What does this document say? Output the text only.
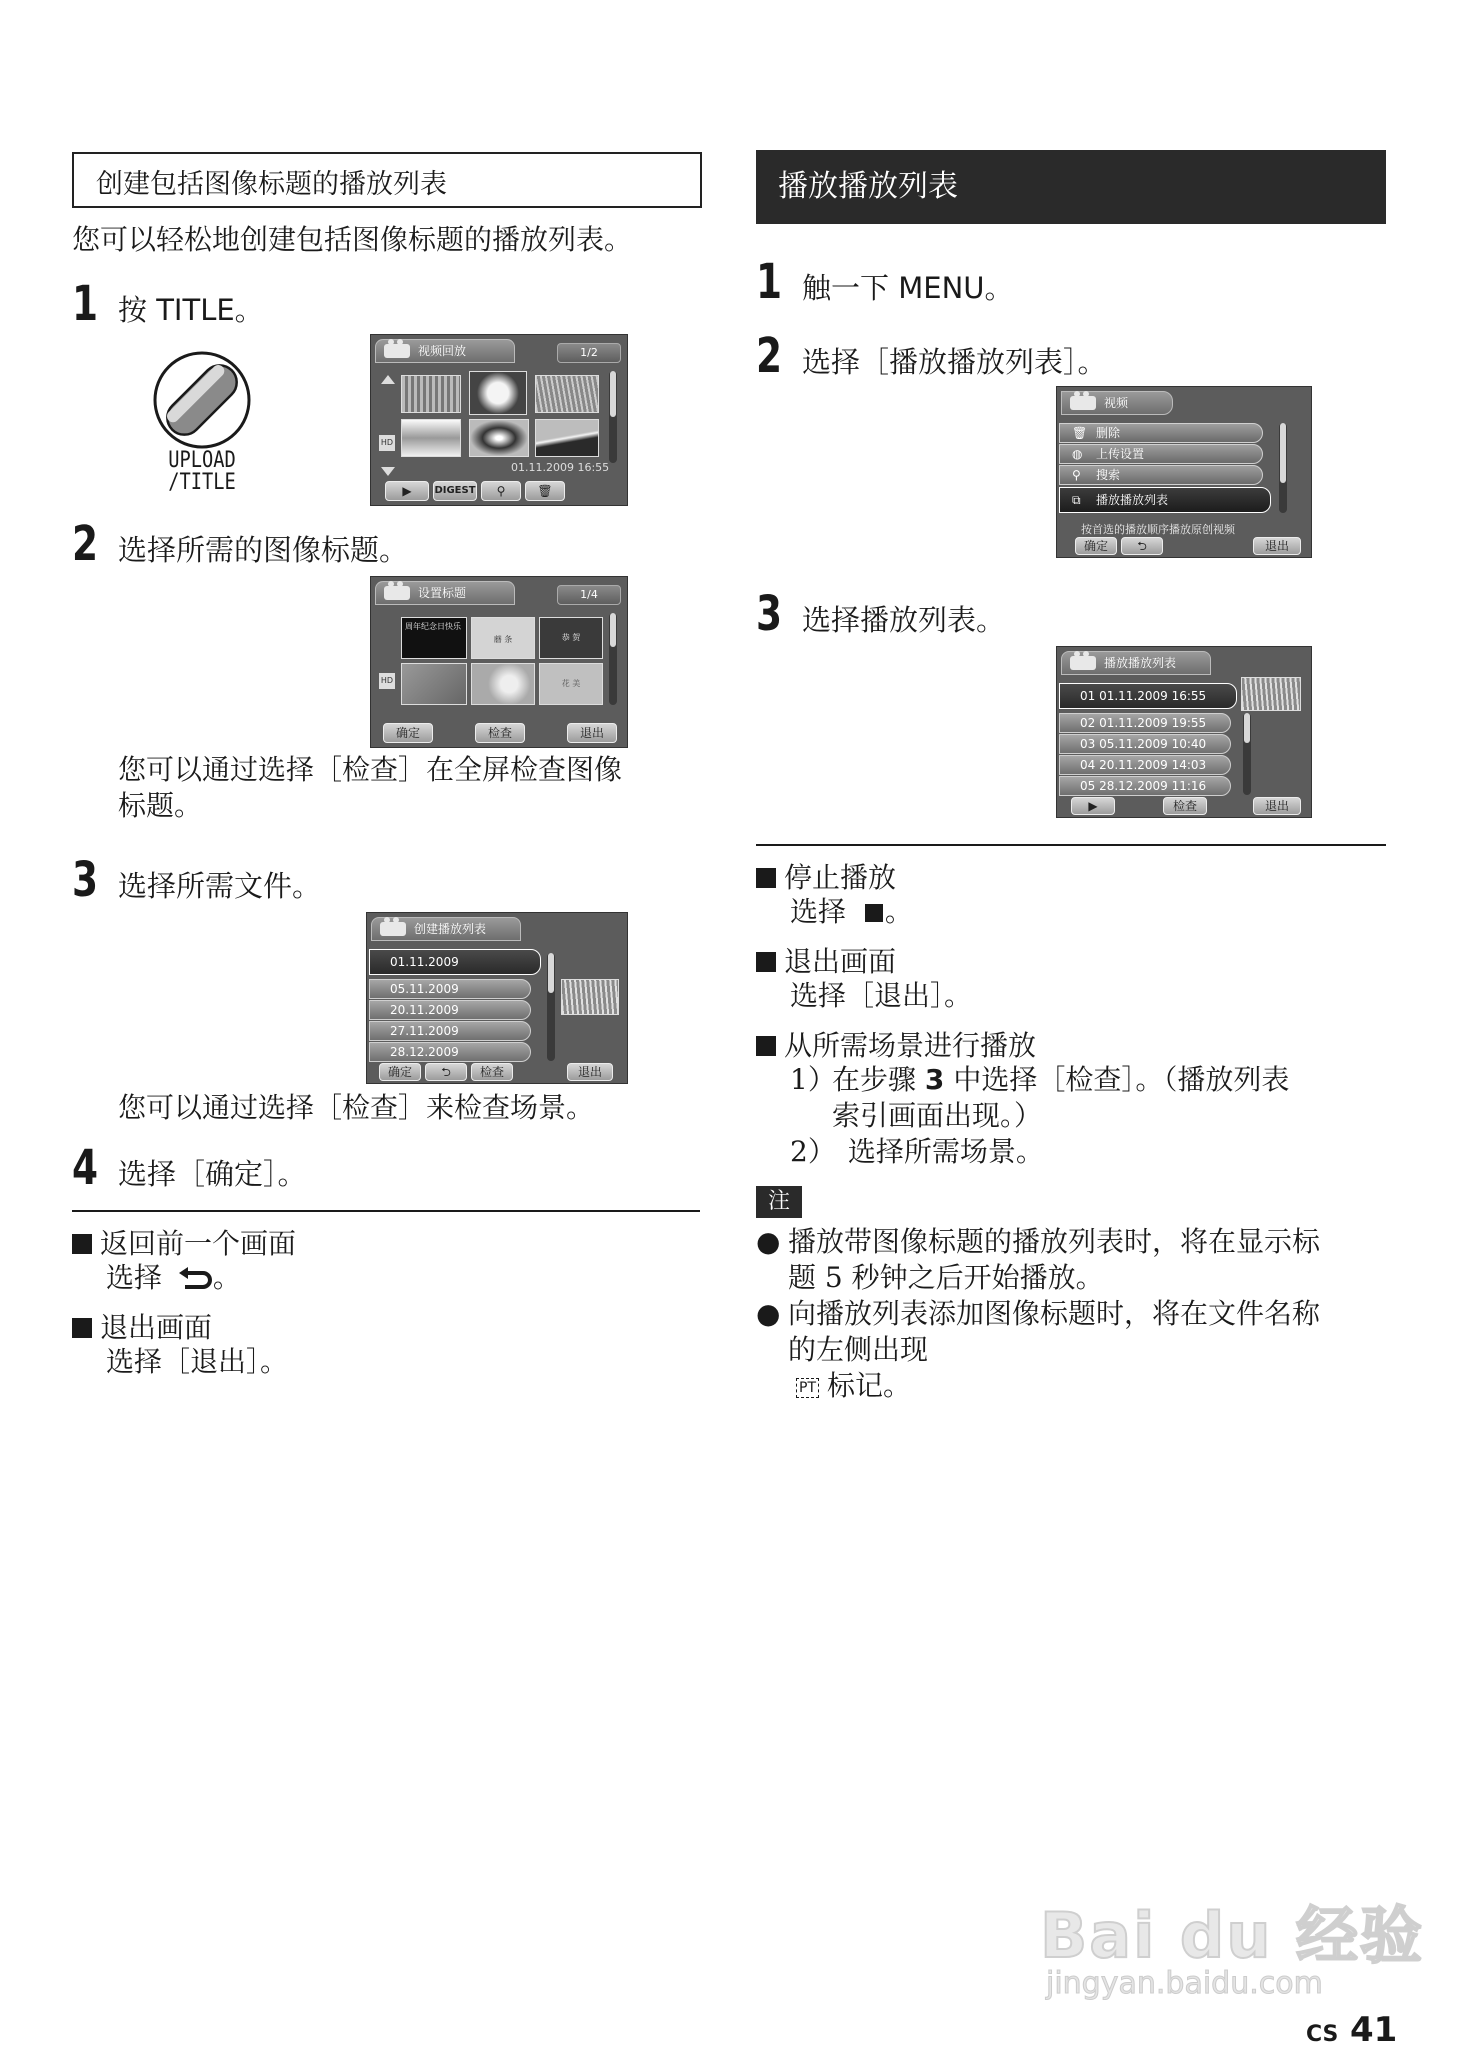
创建包括图像标题的播放列表
您可以轻松地创建包括图像标题的播放列表。
1 按 TITLE。
UPLOAD
/TITLE
视频回放	1/2
HD
01.11.2009 16:55
▶	DIGEST	⚲	🗑
2 选择所需的图像标题。
设置标题	1/4
HD
周年纪念日快乐
蘑 条	恭 贺
花 美
确定	检查	退出
您可以通过选择［检查］在全屏检查图像
标题。
3 选择所需文件。
创建播放列表
01.11.2009
05.11.2009
20.11.2009
27.11.2009
28.12.2009
确定	⮌	检查	退出
您可以通过选择［检查］来检查场景。
4 选择［确定］。
返回前一个画面
选择 。
退出画面
选择［退出］。
播放播放列表
1 触一下 MENU。
2 选择［播放播放列表］。
视频
🗑 删除
◍ 上传设置
⚲ 搜索
⧉ 播放播放列表
按首选的播放顺序播放原创视频
确定	⮌	退出
3 选择播放列表。
播放播放列表
01 01.11.2009 16:55
02 01.11.2009 19:55
03 05.11.2009 10:40
04 20.11.2009 14:03
05 28.12.2009 11:16
▶	检查	退出
停止播放
选择 。
退出画面
选择［退出］。
从所需场景进行播放
1）
在步骤 3 中选择［检查］。（播放列表
索引画面出现。）
2） 选择所需场景。
注
● 播放带图像标题的播放列表时，将在显示标
题 5 秒钟之后开始播放。
● 向播放列表添加图像标题时，将在文件名称
的左侧出现
PT 标记。

Bai du 经验
jingyan.baidu.com
CS 41
